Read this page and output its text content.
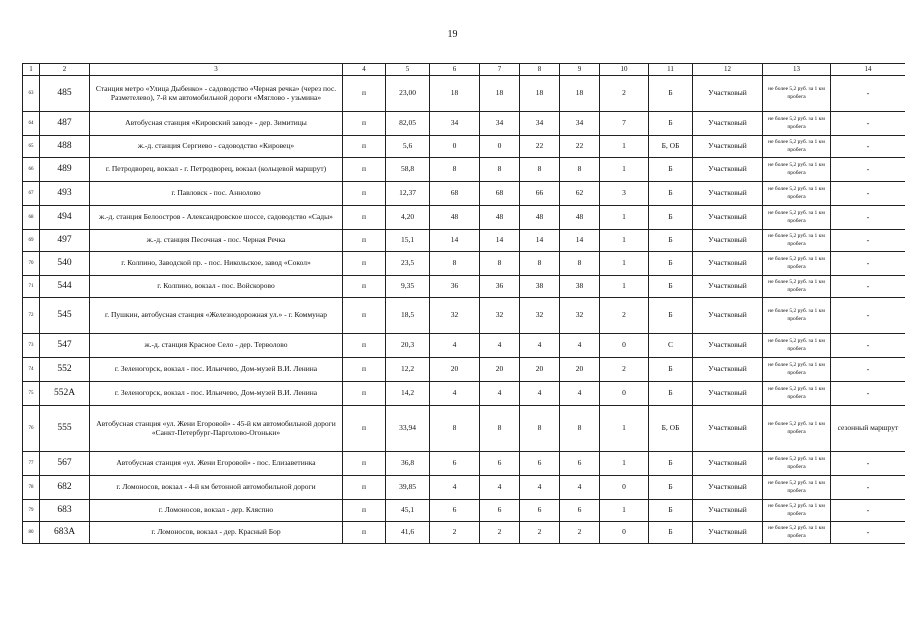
19
1	2	3	4	5	6	7	8	9	10	11	12	13	14
63	485	Станция метро «Улица Дыбенко» - садоводство «Черная речка» (через пос. Разметелево), 7-й км автомобильной дороги «Мяглово - узьмина»	п	23,00	18	18	18	18	2	Б	Участковый	не более 5,2 руб. за 1 км пробега	-
64	487	Автобусная станция «Кировский завод» - дер. Зимитицы	п	82,05	34	34	34	34	7	Б	Участковый	не более 5,2 руб. за 1 км пробега	-
65	488	ж.-д. станция Сергиево - садоводство «Кировец»	п	5,6	0	0	22	22	1	Б, ОБ	Участковый	не более 5,2 руб. за 1 км пробега	-
66	489	г. Петродворец, вокзал - г. Петродворец, вокзал (кольцевой маршрут)	п	58,8	8	8	8	8	1	Б	Участковый	не более 5,2 руб. за 1 км пробега	-
67	493	г. Павловск - пос. Аннолово	п	12,37	68	68	66	62	3	Б	Участковый	не более 5,2 руб. за 1 км пробега	-
68	494	ж.-д. станция Белоостров - Александровское шоссе, садоводство «Сады»	п	4,20	48	48	48	48	1	Б	Участковый	не более 5,2 руб. за 1 км пробега	-
69	497	ж.-д. станция Песочная - пос. Черная Речка	п	15,1	14	14	14	14	1	Б	Участковый	не более 5,2 руб. за 1 км пробега	-
70	540	г. Колпино, Заводской пр. - пос. Никольское, завод «Сокол»	п	23,5	8	8	8	8	1	Б	Участковый	не более 5,2 руб. за 1 км пробега	-
71	544	г. Колпино, вокзал - пос. Войскорово	п	9,35	36	36	38	38	1	Б	Участковый	не более 5,2 руб. за 1 км пробега	-
72	545	г. Пушкин, автобусная станция «Железнодорожная ул.» - г. Коммунар	п	18,5	32	32	32	32	2	Б	Участковый	не более 5,2 руб. за 1 км пробега	-
73	547	ж.-д. станция Красное Село - дер. Терволово	п	20,3	4	4	4	4	0	С	Участковый	не более 5,2 руб. за 1 км пробега	-
74	552	г. Зеленогорск, вокзал - пос. Ильичево, Дом-музей В.И. Ленина	п	12,2	20	20	20	20	2	Б	Участковый	не более 5,2 руб. за 1 км пробега	-
75	552А	г. Зеленогорск, вокзал - пос. Ильичево, Дом-музей В.И. Ленина	п	14,2	4	4	4	4	0	Б	Участковый	не более 5,2 руб. за 1 км пробега	-
76	555	Автобусная станция «ул. Жени Егоровой» - 45-й км автомобильной дороги «Санкт-Петербург-Парголово-Огоньки»	п	33,94	8	8	8	8	1	Б, ОБ	Участковый	не более 5,2 руб. за 1 км пробега	сезонный маршрут
77	567	Автобусная станция «ул. Жени Егоровой» - пос. Елизаветинка	п	36,8	6	6	6	6	1	Б	Участковый	не более 5,2 руб. за 1 км пробега	-
78	682	г. Ломоносов, вокзал - 4-й км бетонной автомобильной дороги	п	39,85	4	4	4	4	0	Б	Участковый	не более 5,2 руб. за 1 км пробега	-
79	683	г. Ломоносов, вокзал - дер. Кляспно	п	45,1	6	6	6	6	1	Б	Участковый	не более 5,2 руб. за 1 км пробега	-
80	683А	г. Ломоносов, вокзал - дер. Красный Бор	п	41,6	2	2	2	2	0	Б	Участковый	не более 5,2 руб. за 1 км пробега	-
